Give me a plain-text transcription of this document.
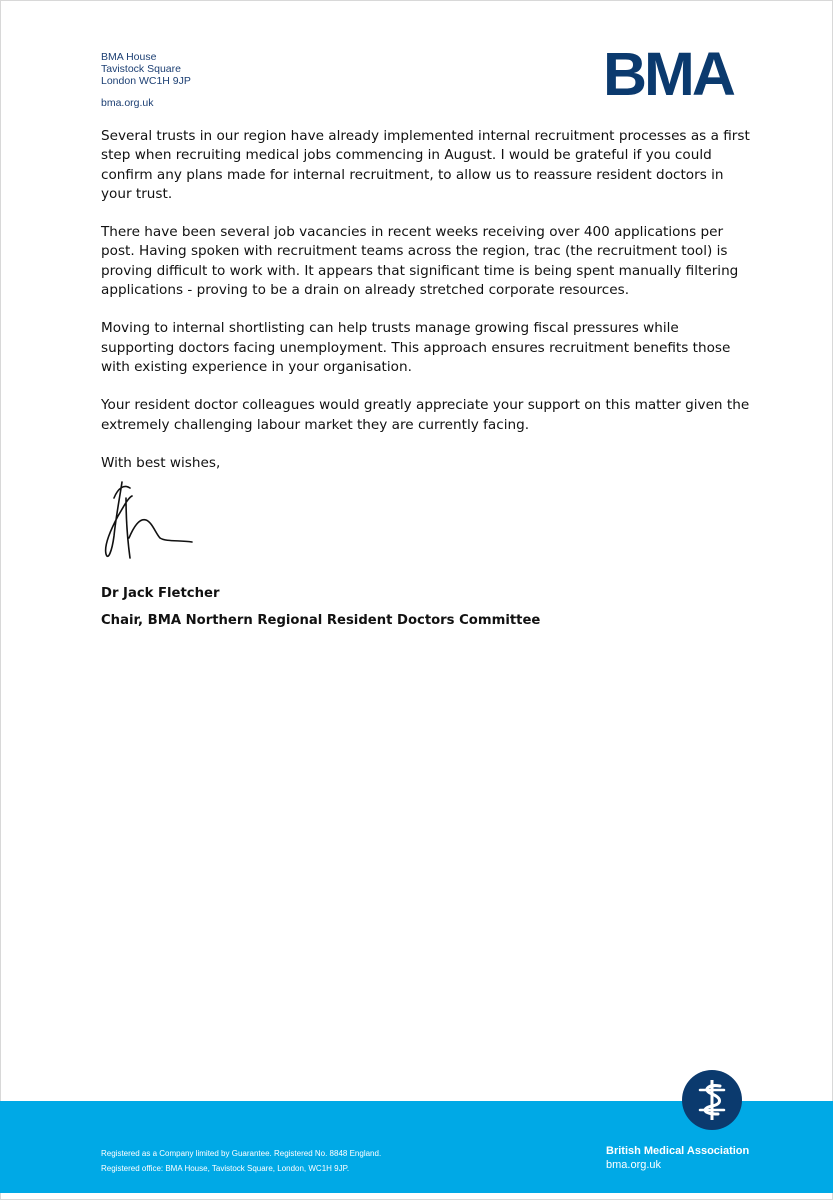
BMA House
Tavistock Square
London WC1H 9JP
bma.org.uk	BMA

Several trusts in our region have already implemented internal recruitment processes as a first step when recruiting medical jobs commencing in August. I would be grateful if you could confirm any plans made for internal recruitment, to allow us to reassure resident doctors in your trust.

There have been several job vacancies in recent weeks receiving over 400 applications per post. Having spoken with recruitment teams across the region, trac (the recruitment tool) is proving difficult to work with. It appears that significant time is being spent manually filtering applications - proving to be a drain on already stretched corporate resources.

Moving to internal shortlisting can help trusts manage growing fiscal pressures while supporting doctors facing unemployment. This approach ensures recruitment benefits those with existing experience in your organisation.

Your resident doctor colleagues would greatly appreciate your support on this matter given the extremely challenging labour market they are currently facing.

With best wishes,

Dr Jack Fletcher
Chair, BMA Northern Regional Resident Doctors Committee
Registered as a Company limited by Guarantee. Registered No. 8848 England.
Registered office: BMA House, Tavistock Square, London, WC1H 9JP.
British Medical Association
bma.org.uk
